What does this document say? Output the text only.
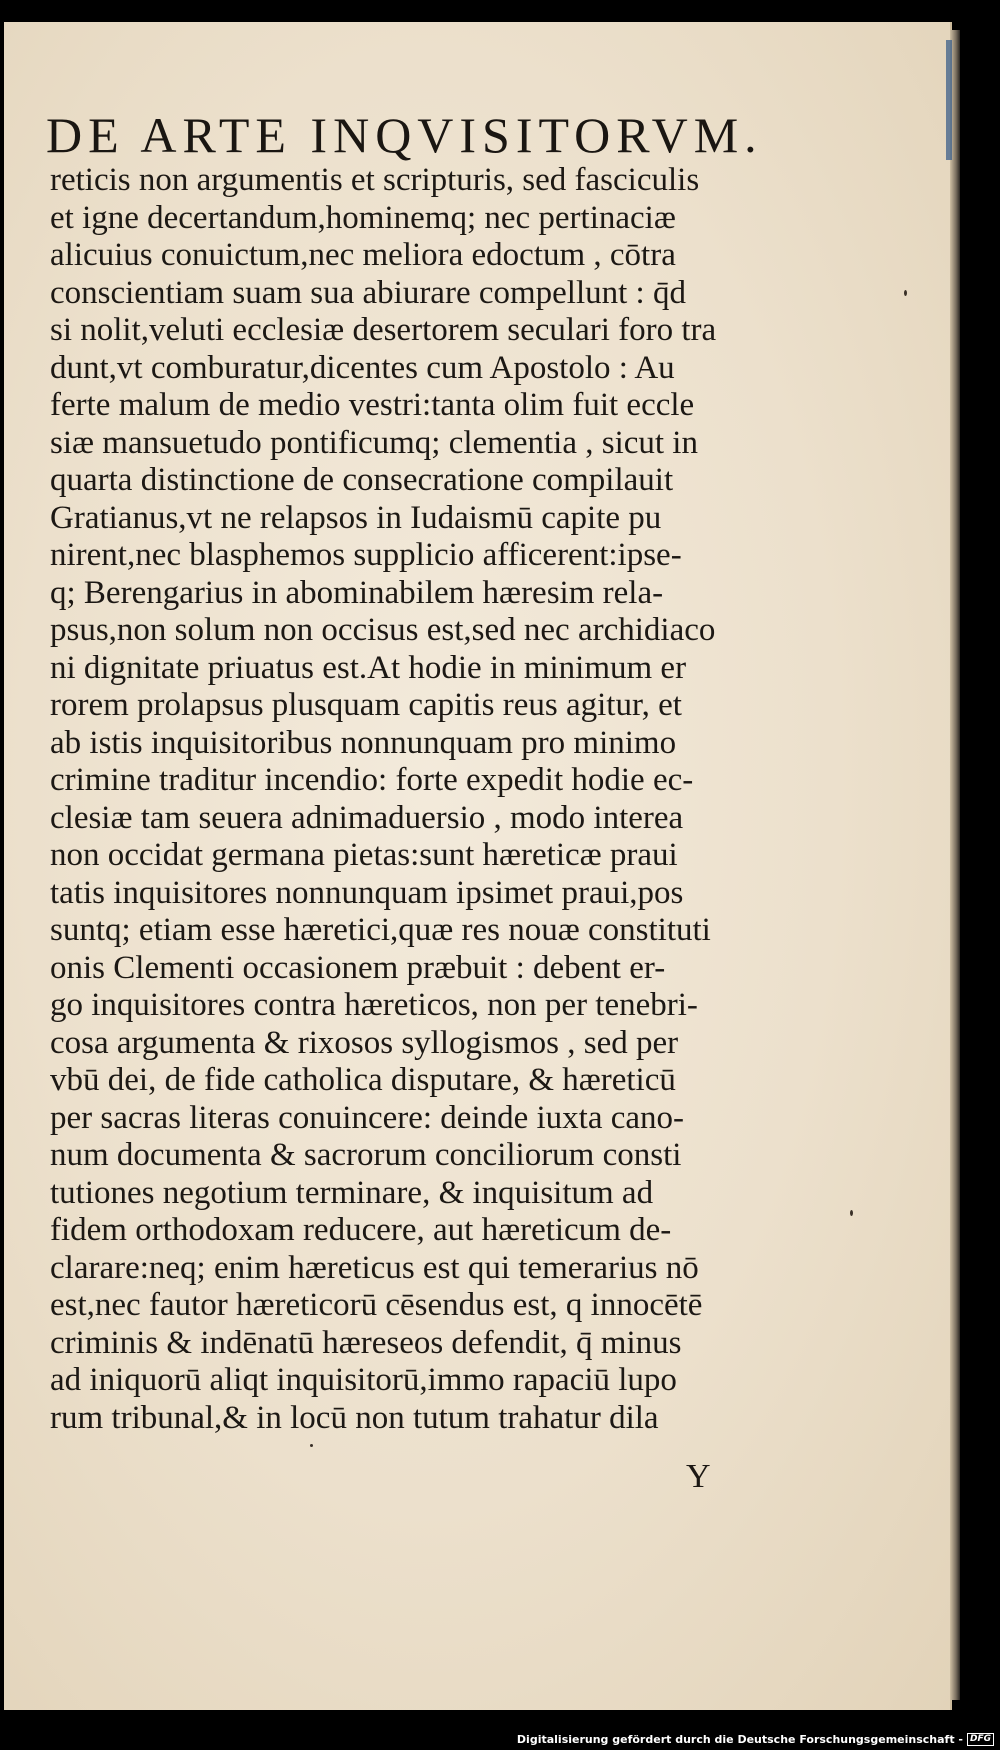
DE ARTE INQVISITORVM.
reticis non argumentis et scripturis, sed fasciculis
et igne decertandum,hominemq; nec pertinaciæ
alicuius conuictum,nec meliora edoctum , cōtra
conscientiam suam sua abiurare compellunt : q̄d
si nolit,veluti ecclesiæ desertorem seculari foro tra
dunt,vt comburatur,dicentes cum Apostolo : Au
ferte malum de medio vestri:tanta olim fuit eccle
siæ mansuetudo pontificumq; clementia , sicut in
quarta distinctione de consecratione compilauit
Gratianus,vt ne relapsos in Iudaismū capite pu
nirent,nec blasphemos supplicio afficerent:ipse-
q; Berengarius in abominabilem hæresim rela-
psus,non solum non occisus est,sed nec archidiaco
ni dignitate priuatus est.At hodie in minimum er
rorem prolapsus plusquam capitis reus agitur, et
ab istis inquisitoribus nonnunquam pro minimo
crimine traditur incendio: forte expedit hodie ec-
clesiæ tam seuera adnimaduersio , modo interea
non occidat germana pietas:sunt hæreticæ praui
tatis inquisitores nonnunquam ipsimet praui,pos
suntq; etiam esse hæretici,quæ res nouæ constituti
onis Clementi occasionem præbuit : debent er-
go inquisitores contra hæreticos, non per tenebri-
cosa argumenta & rixosos syllogismos , sed per
vbū dei, de fide catholica disputare, & hæreticū
per sacras literas conuincere: deinde iuxta cano-
num documenta & sacrorum conciliorum consti
tutiones negotium terminare, & inquisitum ad
fidem orthodoxam reducere, aut hæreticum de-
clarare:neq; enim hæreticus est qui temerarius nō
est,nec fautor hæreticorū cēsendus est, q innocētē
criminis & indēnatū hæreseos defendit, q̄ minus
ad iniquorū aliqt inquisitorū,immo rapaciū lupo
rum tribunal,& in locū non tutum trahatur dila
Y
Digitalisierung gefördert durch die Deutsche Forschungsgemeinschaft - DFG
